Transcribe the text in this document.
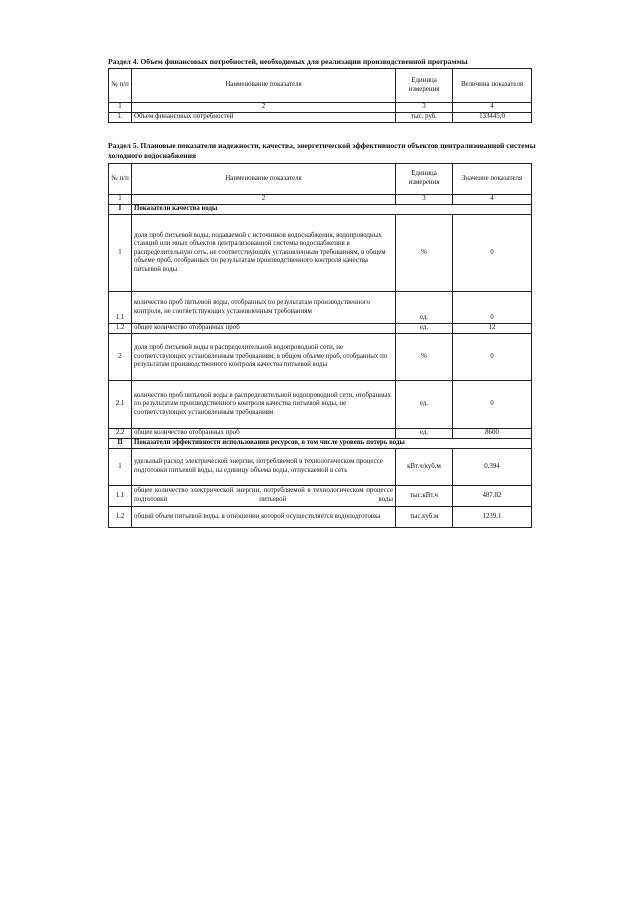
Раздел 4. Объем финансовых потребностей, необходимых для реализации производственной программы
№ п/п	Наименование показателя	Единица измерения	Величина показателя
1	2	3	4
1.	Объем финансовых потребностей	тыс. руб.	133445,0
Раздел 5. Плановые показатели надежности, качества, энергетической эффективности объектов централизованной системы холодного водоснабжения
№ п/п	Наименование показателя	Единица измерения	Значение показателя
1	2	3	4
I	Показатели качества воды		
1	доля проб питьевой воды, подаваемой с источников водоснабжения, водопроводных станций или иных объектов централизованной системы водоснабжения в распределительную сеть, не соответствующих установленным требованиям, в общем объеме проб, отобранных по результатам производственного контроля качества питьевой воды	%	0
1.1	количество проб питьевой воды, отобранных по результатам производственного контроля, не соответствующих установленным требованиям	ед.	0
1.2	общее количество отобранных проб	ед.	12
2	доля проб питьевой воды в распределительной водопроводной сети, не соответствующих установленным требованиям, в общем объеме проб, отобранных по результатам производственного контроля качества питьевой воды	%	0
2.1	количество проб питьевой воды в распределительной водопроводной сети, отобранных по результатам производственного контроля качества питьевой воды, не соответствующих установленным требованиям	ед.	0
2.2	общее количество отобранных проб	ед.	8600
II	Показатели эффективности использования ресурсов, в том числе уровень потерь воды		
1	удельный расход электрической энергии, потребляемой в технологическом процессе подготовки питьевой воды, на единицу объема воды, отпускаемой в сеть	кВт.ч/куб.м	0,394
1.1	общее количество электрической энергии, потребляемой в технологическом процессе подготовки питьевой воды	тыс.кВт.ч	487,82
1.2	общий объем питьевой воды, в отношении которой осуществляется водоподготовка	тыс.куб.м	1239,1
